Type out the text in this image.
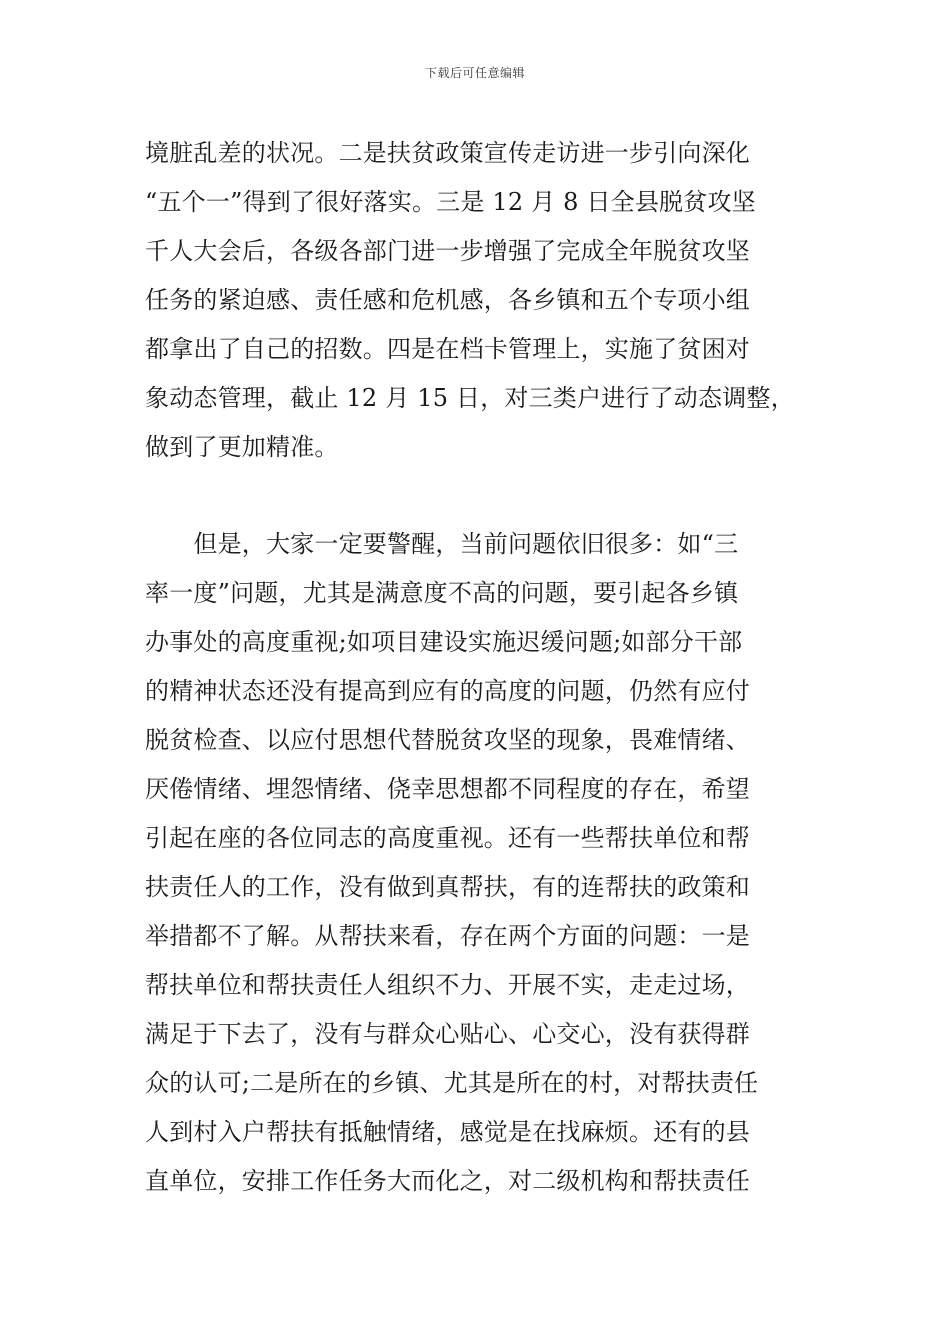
下载后可任意编辑
境脏乱差的状况。二是扶贫政策宣传走访进一步引向深化
“五个一”得到了很好落实。三是 12 月 8 日全县脱贫攻坚
千人大会后，各级各部门进一步增强了完成全年脱贫攻坚
任务的紧迫感、责任感和危机感，各乡镇和五个专项小组
都拿出了自己的招数。四是在档卡管理上，实施了贫困对
象动态管理，截止 12 月 15 日，对三类户进行了动态调整，
做到了更加精准。
　　但是，大家一定要警醒，当前问题依旧很多：如“三
率一度”问题，尤其是满意度不高的问题，要引起各乡镇
办事处的高度重视;如项目建设实施迟缓问题;如部分干部
的精神状态还没有提高到应有的高度的问题，仍然有应付
脱贫检查、以应付思想代替脱贫攻坚的现象，畏难情绪、
厌倦情绪、埋怨情绪、侥幸思想都不同程度的存在，希望
引起在座的各位同志的高度重视。还有一些帮扶单位和帮
扶责任人的工作，没有做到真帮扶，有的连帮扶的政策和
举措都不了解。从帮扶来看，存在两个方面的问题：一是
帮扶单位和帮扶责任人组织不力、开展不实，走走过场，
满足于下去了，没有与群众心贴心、心交心，没有获得群
众的认可;二是所在的乡镇、尤其是所在的村，对帮扶责任
人到村入户帮扶有抵触情绪，感觉是在找麻烦。还有的县
直单位，安排工作任务大而化之，对二级机构和帮扶责任
